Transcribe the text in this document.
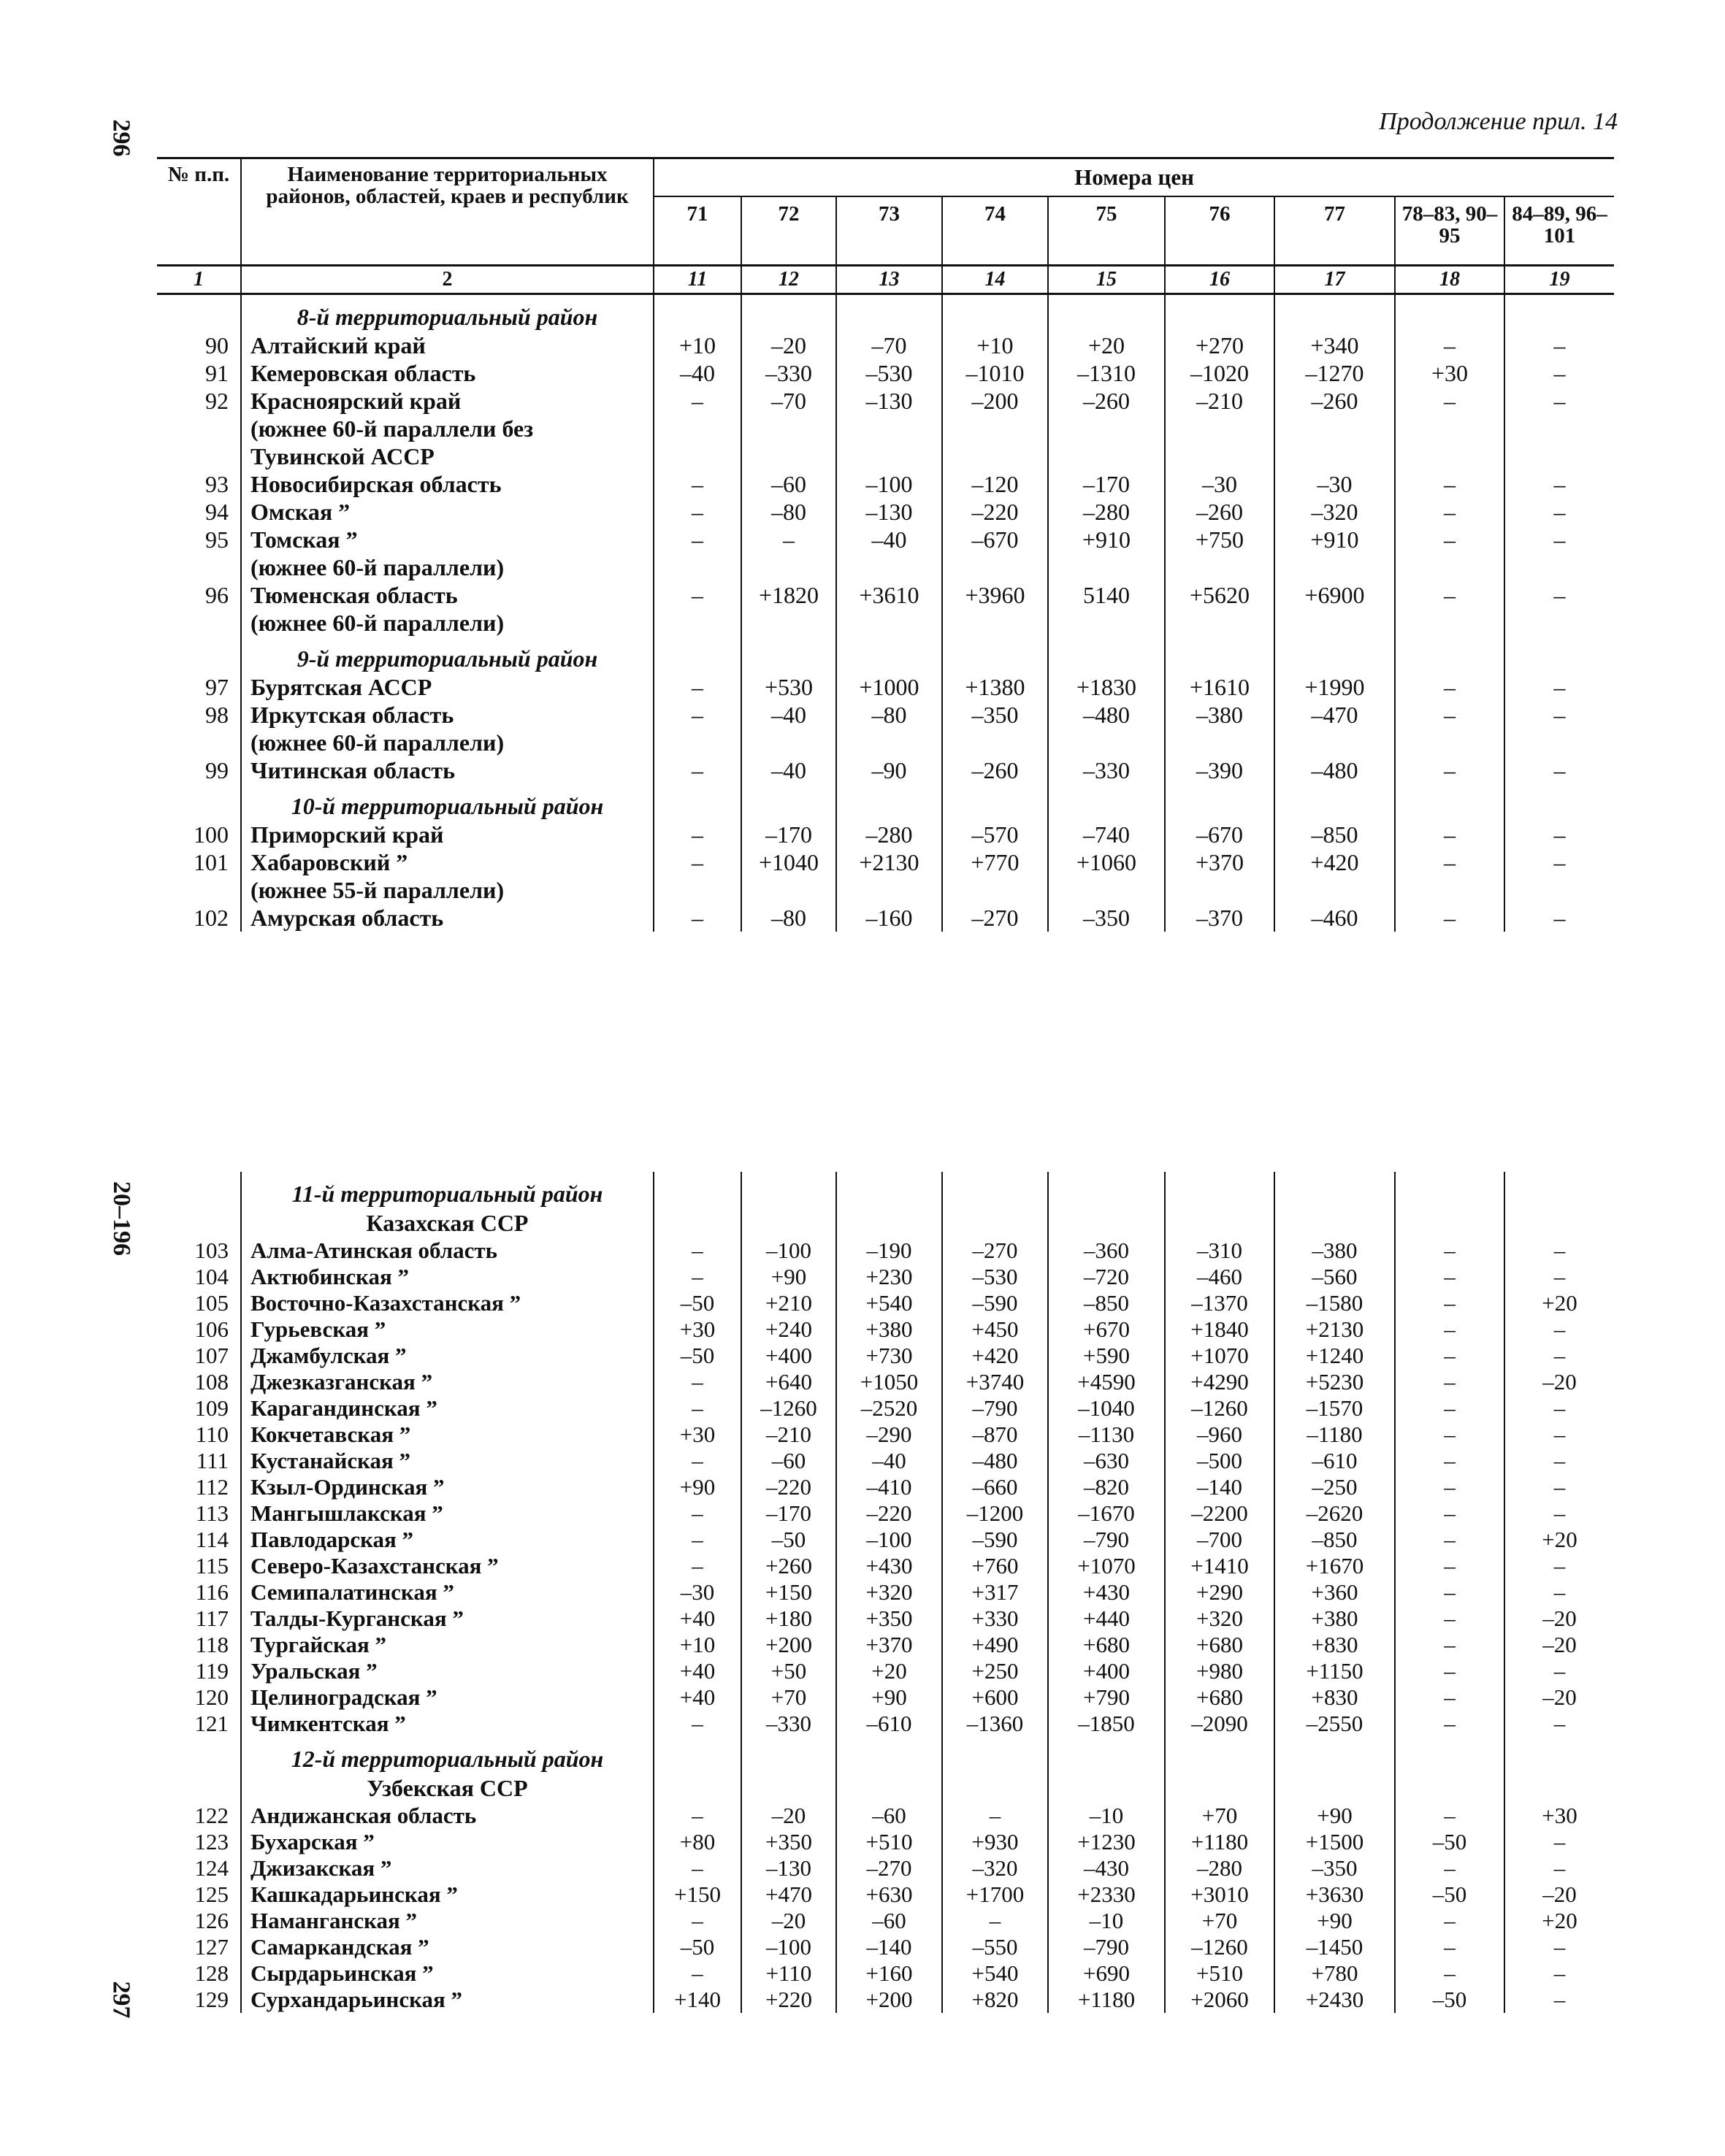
296
20–196
297
Продолжение прил. 14
№ п.п.	Наименование территориальных районов, областей, краев и республик	Номера цен								
		71	72	73	74	75	76	77	78–83, 90–95	84–89, 96–101
1	2	11	12	13	14	15	16	17	18	19
	8-й территориальный район									
90	Алтайский край	+10	–20	–70	+10	+20	+270	+340	–	–
91	Кемеровская область	–40	–330	–530	–1010	–1310	–1020	–1270	+30	–
92	Красноярский край	–	–70	–130	–200	–260	–210	–260	–	–
	(южнее 60-й параллели без									
	Тувинской АССР									
93	Новосибирская область	–	–60	–100	–120	–170	–30	–30	–	–
94	Омская ”	–	–80	–130	–220	–280	–260	–320	–	–
95	Томская ”	–	–	–40	–670	+910	+750	+910	–	–
	(южнее 60-й параллели)									
96	Тюменская область	–	+1820	+3610	+3960	5140	+5620	+6900	–	–
	(южнее 60-й параллели)									
	9-й территориальный район									
97	Бурятская АССР	–	+530	+1000	+1380	+1830	+1610	+1990	–	–
98	Иркутская область	–	–40	–80	–350	–480	–380	–470	–	–
	(южнее 60-й параллели)									
99	Читинская область	–	–40	–90	–260	–330	–390	–480	–	–
	10-й территориальный район									
100	Приморский край	–	–170	–280	–570	–740	–670	–850	–	–
101	Хабаровский ”	–	+1040	+2130	+770	+1060	+370	+420	–	–
	(южнее 55-й параллели)									
102	Амурская область	–	–80	–160	–270	–350	–370	–460	–	–
	11-й территориальный район									
	Казахская ССР									
103	Алма-Атинская область	–	–100	–190	–270	–360	–310	–380	–	–
104	Актюбинская ”	–	+90	+230	–530	–720	–460	–560	–	–
105	Восточно-Казахстанская ”	–50	+210	+540	–590	–850	–1370	–1580	–	+20
106	Гурьевская ”	+30	+240	+380	+450	+670	+1840	+2130	–	–
107	Джамбулская ”	–50	+400	+730	+420	+590	+1070	+1240	–	–
108	Джезказганская ”	–	+640	+1050	+3740	+4590	+4290	+5230	–	–20
109	Карагандинская ”	–	–1260	–2520	–790	–1040	–1260	–1570	–	–
110	Кокчетавская ”	+30	–210	–290	–870	–1130	–960	–1180	–	–
111	Кустанайская ”	–	–60	–40	–480	–630	–500	–610	–	–
112	Кзыл-Ординская ”	+90	–220	–410	–660	–820	–140	–250	–	–
113	Мангышлакская ”	–	–170	–220	–1200	–1670	–2200	–2620	–	–
114	Павлодарская ”	–	–50	–100	–590	–790	–700	–850	–	+20
115	Северо-Казахстанская ”	–	+260	+430	+760	+1070	+1410	+1670	–	–
116	Семипалатинская ”	–30	+150	+320	+317	+430	+290	+360	–	–
117	Талды-Курганская ”	+40	+180	+350	+330	+440	+320	+380	–	–20
118	Тургайская ”	+10	+200	+370	+490	+680	+680	+830	–	–20
119	Уральская ”	+40	+50	+20	+250	+400	+980	+1150	–	–
120	Целиноградская ”	+40	+70	+90	+600	+790	+680	+830	–	–20
121	Чимкентская ”	–	–330	–610	–1360	–1850	–2090	–2550	–	–
	12-й территориальный район									
	Узбекская ССР									
122	Андижанская область	–	–20	–60	–	–10	+70	+90	–	+30
123	Бухарская ”	+80	+350	+510	+930	+1230	+1180	+1500	–50	–
124	Джизакская ”	–	–130	–270	–320	–430	–280	–350	–	–
125	Кашкадарьинская ”	+150	+470	+630	+1700	+2330	+3010	+3630	–50	–20
126	Наманганская ”	–	–20	–60	–	–10	+70	+90	–	+20
127	Самаркандская ”	–50	–100	–140	–550	–790	–1260	–1450	–	–
128	Сырдарьинская ”	–	+110	+160	+540	+690	+510	+780	–	–
129	Сурхандарьинская ”	+140	+220	+200	+820	+1180	+2060	+2430	–50	–
